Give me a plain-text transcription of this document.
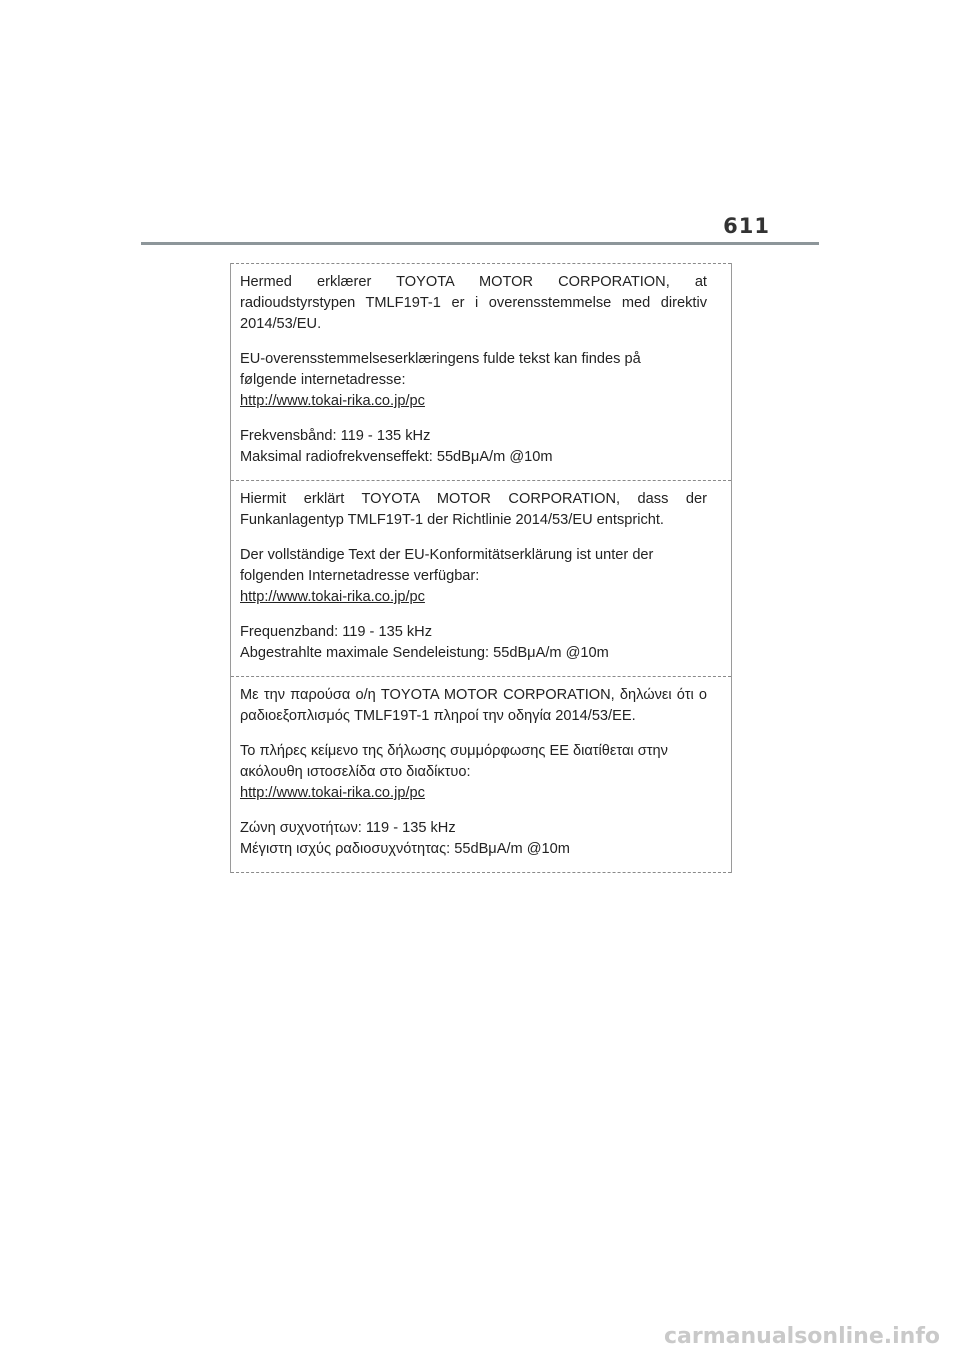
611

Hermed erklærer TOYOTA MOTOR CORPORATION, at radioudstyrstypen TMLF19T-1 er i overensstemmelse med direktiv 2014/53/EU.

EU-overensstemmelseserklæringens fulde tekst kan findes på
følgende internetadresse:
http://www.tokai-rika.co.jp/pc

Frekvensbånd: 119 - 135 kHz
Maksimal radiofrekvenseffekt: 55dBμA/m @10m

Hiermit erklärt TOYOTA MOTOR CORPORATION, dass der Funkanlagentyp TMLF19T-1 der Richtlinie 2014/53/EU entspricht.

Der vollständige Text der EU-Konformitätserklärung ist unter der
folgenden Internetadresse verfügbar:
http://www.tokai-rika.co.jp/pc

Frequenzband: 119 - 135 kHz
Abgestrahlte maximale Sendeleistung: 55dBμA/m @10m

Με την παρούσα ο/η TOYOTA MOTOR CORPORATION, δηλώνει ότι ο ραδιοεξοπλισμός TMLF19T-1 πληροί την οδηγία 2014/53/ΕΕ.

Το πλήρες κείμενο της δήλωσης συμμόρφωσης ΕΕ διατίθεται στην
ακόλουθη ιστοσελίδα στο διαδίκτυο:
http://www.tokai-rika.co.jp/pc

Ζώνη συχνοτήτων: 119 - 135 kHz
Μέγιστη ισχύς ραδιοσυχνότητας: 55dBμA/m @10m

carmanualsonline.info
